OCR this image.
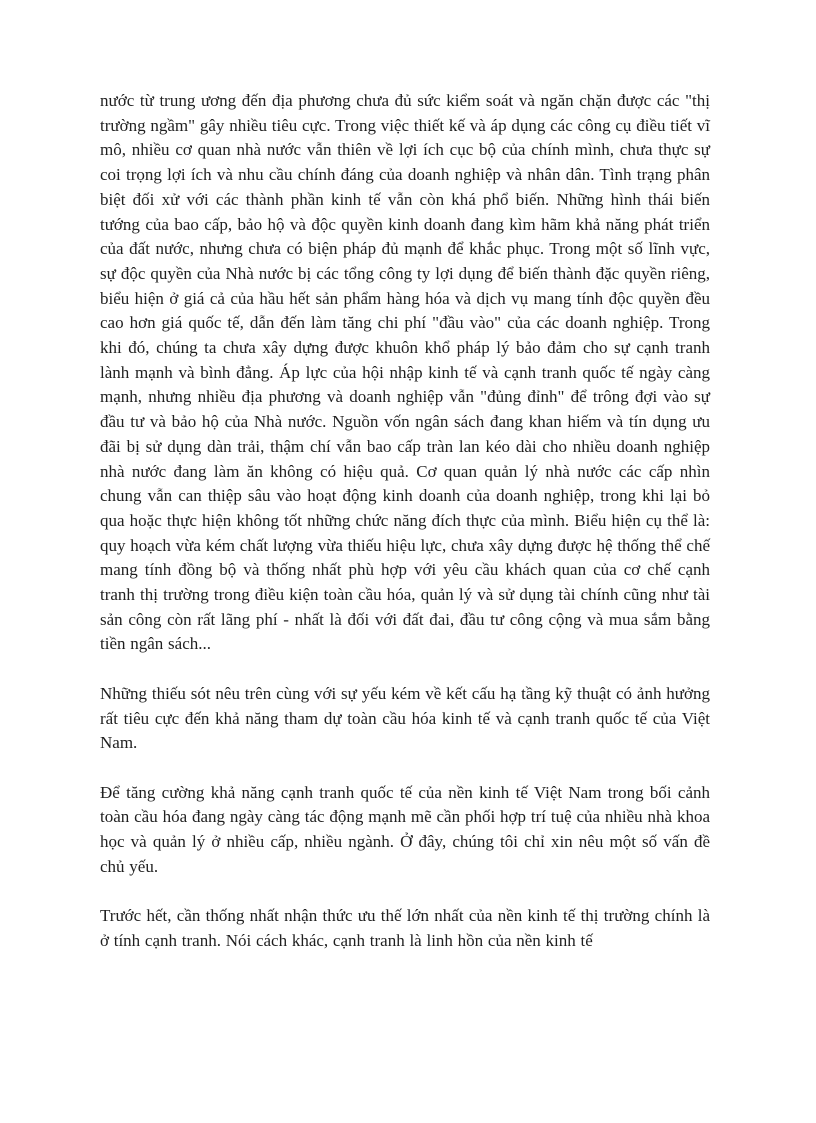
nước từ trung ương đến địa phương chưa đủ sức kiểm soát và ngăn chặn được các "thị trường ngầm" gây nhiều tiêu cực. Trong việc thiết kế và áp dụng các công cụ điều tiết vĩ mô, nhiều cơ quan nhà nước vẫn thiên về lợi ích cục bộ của chính mình, chưa thực sự coi trọng lợi ích và nhu cầu chính đáng của doanh nghiệp và nhân dân. Tình trạng phân biệt đối xử với các thành phần kinh tế vẫn còn khá phổ biến. Những hình thái biến tướng của bao cấp, bảo hộ và độc quyền kinh doanh đang kìm hãm khả năng phát triển của đất nước, nhưng chưa có biện pháp đủ mạnh để khắc phục. Trong một số lĩnh vực, sự độc quyền của Nhà nước bị các tổng công ty lợi dụng để biến thành đặc quyền riêng, biểu hiện ở giá cả của hầu hết sản phẩm hàng hóa và dịch vụ mang tính độc quyền đều cao hơn giá quốc tế, dẫn đến làm tăng chi phí "đầu vào" của các doanh nghiệp. Trong khi đó, chúng ta chưa xây dựng được khuôn khổ pháp lý bảo đảm cho sự cạnh tranh lành mạnh và bình đẳng. Áp lực của hội nhập kinh tế và cạnh tranh quốc tế ngày càng mạnh, nhưng nhiều địa phương và doanh nghiệp vẫn "đủng đỉnh" để trông đợi vào sự đầu tư và bảo hộ của Nhà nước. Nguồn vốn ngân sách đang khan hiếm và tín dụng ưu đãi bị sử dụng dàn trải, thậm chí vẫn bao cấp tràn lan kéo dài cho nhiều doanh nghiệp nhà nước đang làm ăn không có hiệu quả. Cơ quan quản lý nhà nước các cấp nhìn chung vẫn can thiệp sâu vào hoạt động kinh doanh của doanh nghiệp, trong khi lại bỏ qua hoặc thực hiện không tốt những chức năng đích thực của mình. Biểu hiện cụ thể là: quy hoạch vừa kém chất lượng vừa thiếu hiệu lực, chưa xây dựng được hệ thống thể chế mang tính đồng bộ và thống nhất phù hợp với yêu cầu khách quan của cơ chế cạnh tranh thị trường trong điều kiện toàn cầu hóa, quản lý và sử dụng tài chính cũng như tài sản công còn rất lãng phí - nhất là đối với đất đai, đầu tư công cộng và mua sắm bằng tiền ngân sách...

Những thiếu sót nêu trên cùng với sự yếu kém về kết cấu hạ tầng kỹ thuật có ảnh hưởng rất tiêu cực đến khả năng tham dự toàn cầu hóa kinh tế và cạnh tranh quốc tế của Việt Nam.

Để tăng cường khả năng cạnh tranh quốc tế của nền kinh tế Việt Nam trong bối cảnh toàn cầu hóa đang ngày càng tác động mạnh mẽ cần phối hợp trí tuệ của nhiều nhà khoa học và quản lý ở nhiều cấp, nhiều ngành. Ở đây, chúng tôi chỉ xin nêu một số vấn đề chủ yếu.

Trước hết, cần thống nhất nhận thức ưu thế lớn nhất của nền kinh tế thị trường chính là ở tính cạnh tranh. Nói cách khác, cạnh tranh là linh hồn của nền kinh tế
